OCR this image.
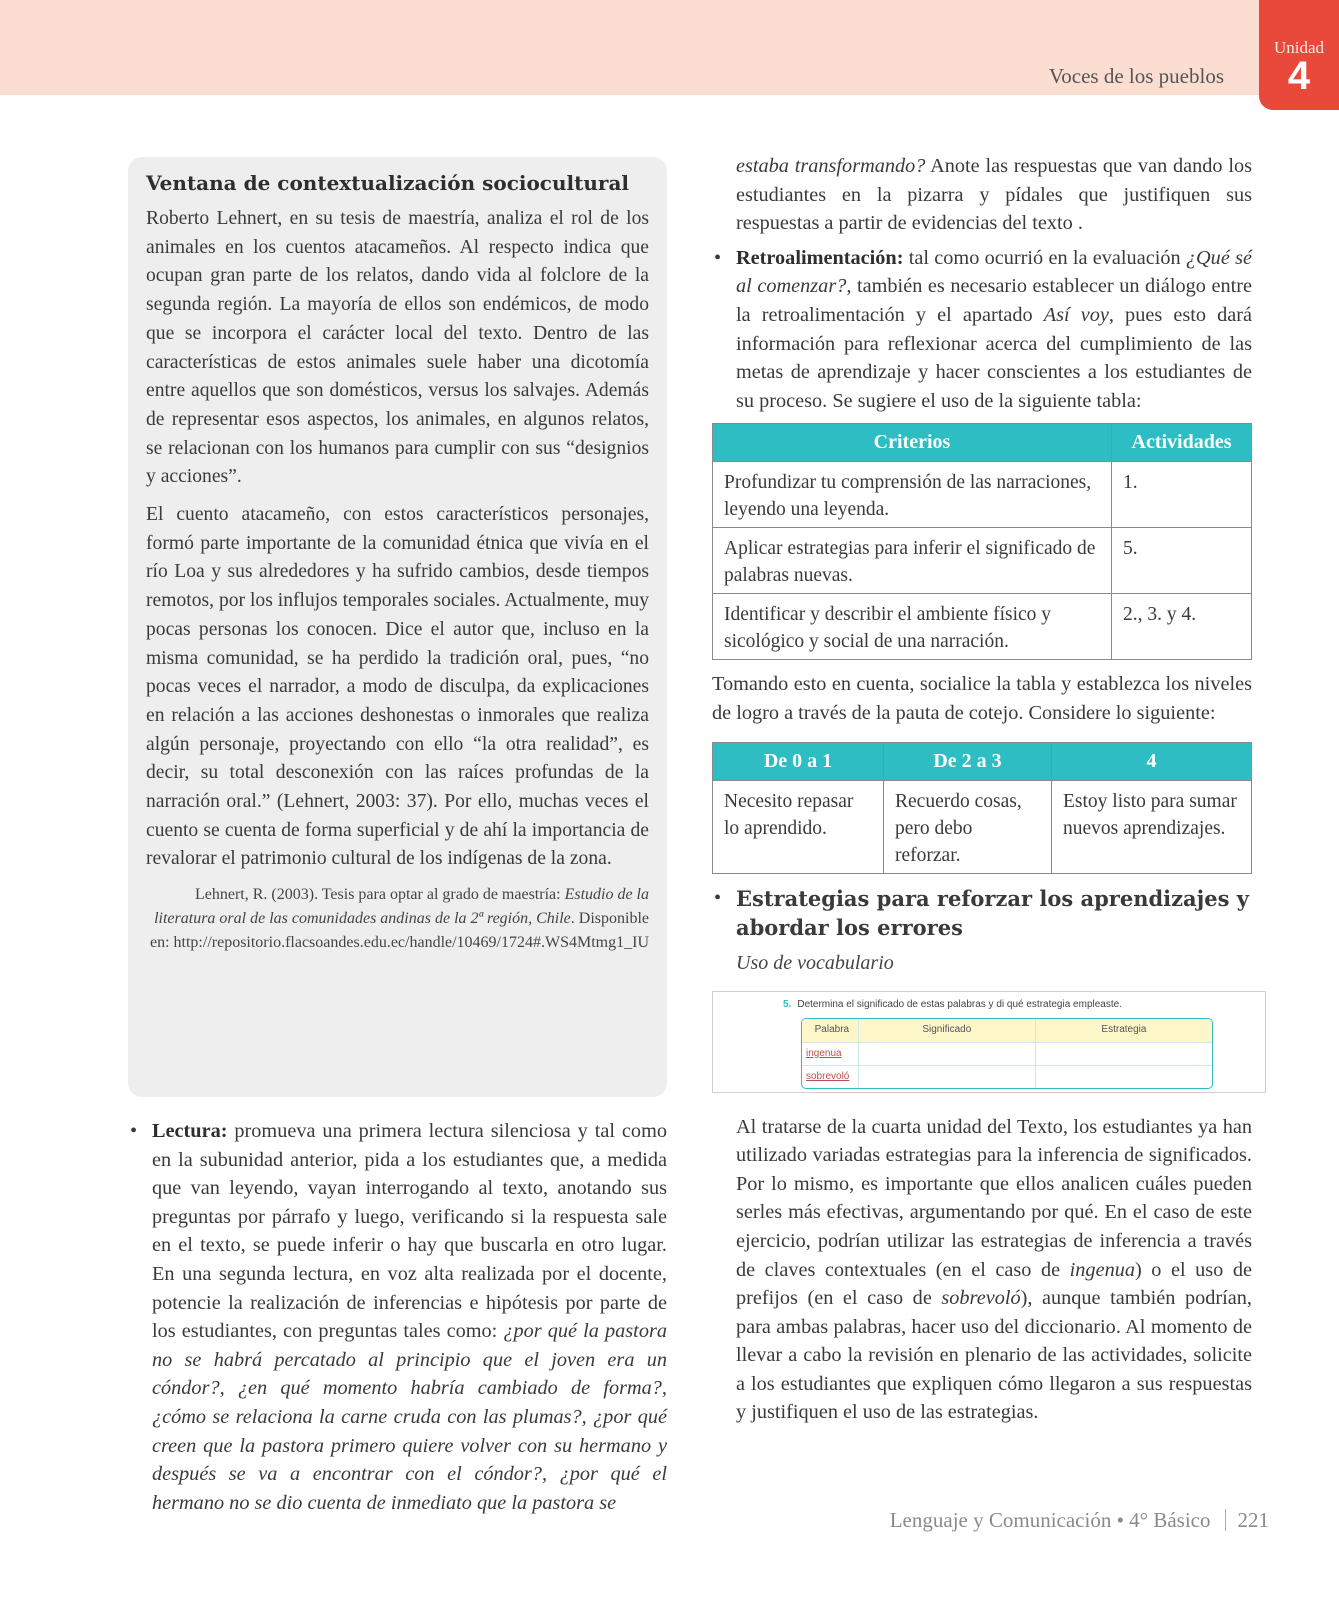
Voces de los pueblos
Unidad
4
Ventana de contextualización sociocultural

Roberto Lehnert, en su tesis de maestría, analiza el rol de los animales en los cuentos atacameños. Al respecto indica que ocupan gran parte de los relatos, dando vida al folclore de la segunda región. La mayoría de ellos son endémicos, de modo que se incorpora el carácter local del texto. Dentro de las características de estos animales suele haber una dicotomía entre aquellos que son domésticos, versus los salvajes. Además de representar esos aspectos, los animales, en algunos relatos, se relacionan con los humanos para cumplir con sus “designios y acciones”.

El cuento atacameño, con estos característicos personajes, formó parte importante de la comunidad étnica que vivía en el río Loa y sus alrededores y ha sufrido cambios, desde tiempos remotos, por los influjos temporales sociales. Actualmente, muy pocas personas los conocen. Dice el autor que, incluso en la misma comunidad, se ha perdido la tradición oral, pues, “no pocas veces el narrador, a modo de disculpa, da explicaciones en relación a las acciones deshonestas o inmorales que realiza algún personaje, proyectando con ello “la otra realidad”, es decir, su total desconexión con las raíces profundas de la narración oral.” (Lehnert, 2003: 37). Por ello, muchas veces el cuento se cuenta de forma superficial y de ahí la importancia de revalorar el patrimonio cultural de los indígenas de la zona.

Lehnert, R. (2003). Tesis para optar al grado de maestría: Estudio de la literatura oral de las comunidades andinas de la 2ª región, Chile. Disponible en: http://repositorio.flacsoandes.edu.ec/handle/10469/1724#.WS4Mtmg1_IU
• Lectura: promueva una primera lectura silenciosa y tal como en la subunidad anterior, pida a los estudiantes que, a medida que van leyendo, vayan interrogando al texto, anotando sus preguntas por párrafo y luego, verificando si la respuesta sale en el texto, se puede inferir o hay que buscarla en otro lugar. En una segunda lectura, en voz alta realizada por el docente, potencie la realización de inferencias e hipótesis por parte de los estudiantes, con preguntas tales como: ¿por qué la pastora no se habrá percatado al principio que el joven era un cóndor?, ¿en qué momento habría cambiado de forma?, ¿cómo se relaciona la carne cruda con las plumas?, ¿por qué creen que la pastora primero quiere volver con su hermano y después se va a encontrar con el cóndor?, ¿por qué el hermano no se dio cuenta de inmediato que la pastora se
estaba transformando? Anote las respuestas que van dando los estudiantes en la pizarra y pídales que justifiquen sus respuestas a partir de evidencias del texto .
• Retroalimentación: tal como ocurrió en la evaluación ¿Qué sé al comenzar?, también es necesario establecer un diálogo entre la retroalimentación y el apartado Así voy, pues esto dará información para reflexionar acerca del cumplimiento de las metas de aprendizaje y hacer conscientes a los estudiantes de su proceso. Se sugiere el uso de la siguiente tabla:
Criterios	Actividades
Profundizar tu comprensión de las narraciones, leyendo una leyenda.	1.
Aplicar estrategias para inferir el significado de palabras nuevas.	5.
Identificar y describir el ambiente físico y sicológico y social de una narración.	2., 3. y 4.
Tomando esto en cuenta, socialice la tabla y establezca los niveles de logro a través de la pauta de cotejo. Considere lo siguiente:
De 0 a 1	De 2 a 3	4
Necesito repasar lo aprendido.	Recuerdo cosas, pero debo reforzar.	Estoy listo para sumar nuevos aprendizajes.
• Estrategias para reforzar los aprendizajes y abordar los errores
Uso de vocabulario
5. Determina el significado de estas palabras y di qué estrategia empleaste.
Palabra	Significado	Estrategia
ingenua
sobrevoló
Al tratarse de la cuarta unidad del Texto, los estudiantes ya han utilizado variadas estrategias para la inferencia de significados. Por lo mismo, es importante que ellos analicen cuáles pueden serles más efectivas, argumentando por qué. En el caso de este ejercicio, podrían utilizar las estrategias de inferencia a través de claves contextuales (en el caso de ingenua) o el uso de prefijos (en el caso de sobrevoló), aunque también podrían, para ambas palabras, hacer uso del diccionario. Al momento de llevar a cabo la revisión en plenario de las actividades, solicite a los estudiantes que expliquen cómo llegaron a sus respuestas y justifiquen el uso de las estrategias.
Lenguaje y Comunicación • 4° Básico 221
